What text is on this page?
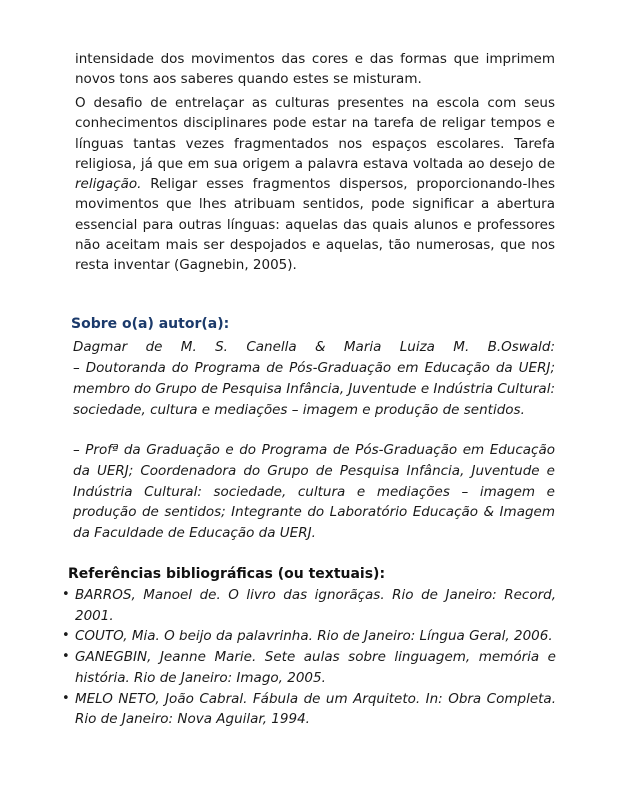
intensidade dos movimentos das cores e das formas que imprimem novos tons aos saberes quando estes se misturam.

O desafio de entrelaçar as culturas presentes na escola com seus conhecimentos disciplinares pode estar na tarefa de religar tempos e línguas tantas vezes fragmentados nos espaços escolares. Tarefa religiosa, já que em sua origem a palavra estava voltada ao desejo de religação. Religar esses fragmentos dispersos, proporcionando-lhes movimentos que lhes atribuam sentidos, pode significar a abertura essencial para outras línguas: aquelas das quais alunos e professores não aceitam mais ser despojados e aquelas, tão numerosas, que nos resta inventar (Gagnebin, 2005).

Sobre o(a) autor(a):

Dagmar de M. S. Canella & Maria Luiza M. B.Oswald:

– Doutoranda do Programa de Pós-Graduação em Educação da UERJ; membro do Grupo de Pesquisa Infância, Juventude e Indústria Cultural: sociedade, cultura e mediações – imagem e produção de sentidos.

– Profª da Graduação e do Programa de Pós-Graduação em Educação da UERJ; Coordenadora do Grupo de Pesquisa Infância, Juventude e Indústria Cultural: sociedade, cultura e mediações – imagem e produção de sentidos; Integrante do Laboratório Educação & Imagem da Faculdade de Educação da UERJ.

Referências bibliográficas (ou textuais):
• BARROS, Manoel de. O livro das ignorãças. Rio de Janeiro: Record, 2001.
• COUTO, Mia. O beijo da palavrinha. Rio de Janeiro: Língua Geral, 2006.
• GANEGBIN, Jeanne Marie. Sete aulas sobre linguagem, memória e história. Rio de Janeiro: Imago, 2005.
• MELO NETO, João Cabral. Fábula de um Arquiteto. In: Obra Completa. Rio de Janeiro: Nova Aguilar, 1994.
